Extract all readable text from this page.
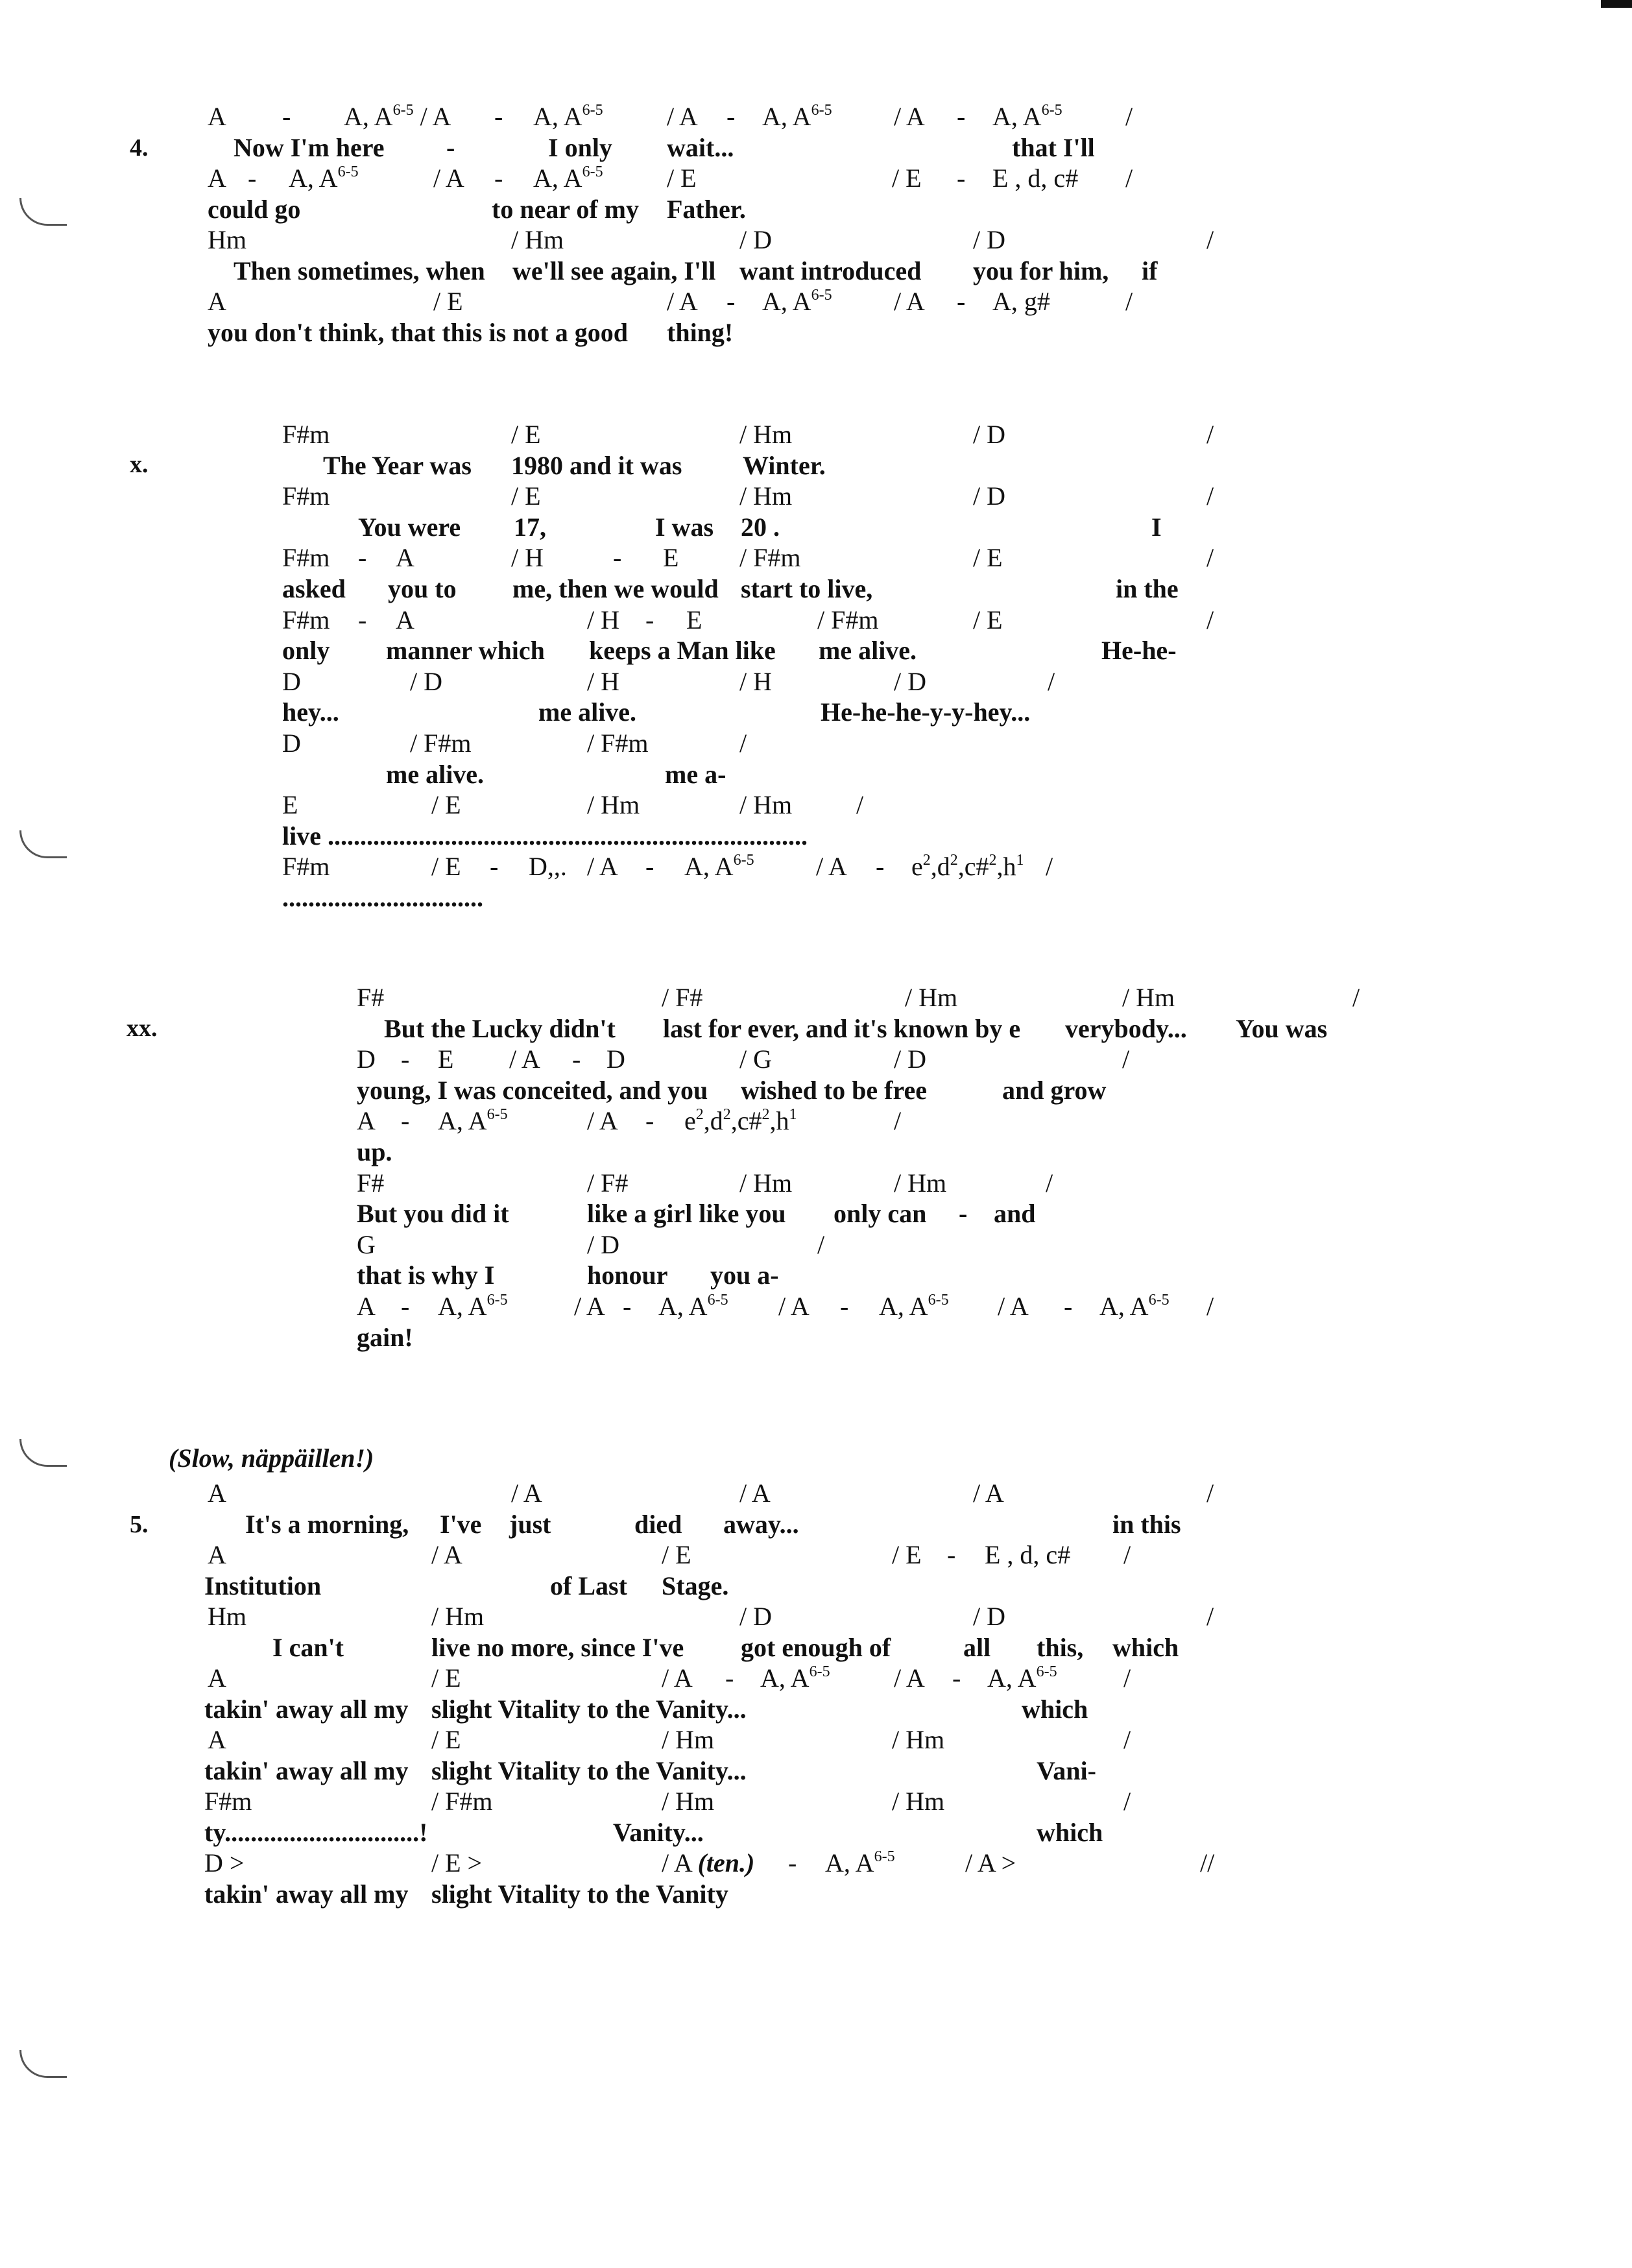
A - A, $A^{6-5}$ / A - A, $A^{6-5}$ / A - A, $A^{6-5}$ / A - A, $A^{6-5}$ /
Now I'm here -	I only wait...	that I'll
A - A, $A^{6-5}$	/ A - A, $A^{6-5}$ / E	/ E - E , d, c# /
could go	to near of my Father.
Hm	/ Hm	/ D	/ D	/
Then sometimes, when we'll see again, I'll want introduced you for him, if
A	/ E	/ A - A, $A^{6-5}$ / A - A, g#	/
you don't think, that this is not a good thing!
F#m	/ E	/ Hm	/ D	/
The Year was 1980 and it was Winter.
F#m	/ E	/ Hm	/ D	/
You were 17,	I was 20 .	I
F#m - A	/ H	- E / F#m	/ E	/
asked you to me, then we would start to live,	in the
F#m - A	/ H - E	/ F#m	/ E	/
only manner which keeps a Man like me alive.	He-he-
D	/ D	/ H	/ H	/ D	/
hey...	me alive.	He-he-he-y-y-hey...
D	/ F#m	/ F#m	/
me alive.	me a-
E	/ E	/ Hm	/ Hm /
live ..........................................................................
F#m	/ E - D,,. / A - A, $A^{6-5}$ / A - $e^2,d^2,c\#^2,h^1$ /
...............................
F#	/ F#	/ Hm	/ Hm	/
But the Lucky didn't last for ever, and it's known by e verybody... You was
D - E / A - D	/ G	/ D	/
young, I was conceited, and you wished to be free	and grow
A - A, $A^{6-5}$	/ A - $e^2,d^2,c\#^2,h^1$	/
up.
F#	/ F#	/ Hm	/ Hm	/
But you did it	like a girl like you only can - and
G	/ D	/
that is why I	honour you a-
A - A, $A^{6-5}$	/ A - A, $A^{6-5}$ / A - A, $A^{6-5}$ / A - A, $A^{6-5}$ /
gain!
A	/ A	/ A	/ A	/
It's a morning, I've just	died away...	in this
A	/ A	/ E	/ E - E , d, c# /
Institution	of Last Stage.
Hm	/ Hm	/ D	/ D	/
I can't	live no more, since I've got enough of	all this, which
A	/ E	/ A - A, $A^{6-5}$ / A - A, $A^{6-5}$	/
takin' away all my slight Vitality to the Vanity...	which
A	/ E	/ Hm	/ Hm	/
takin' away all my slight Vitality to the Vanity...	Vani-
F#m	/ F#m	/ Hm	/ Hm	/
ty..............................!	Vanity...	which
D >	/ E >	/ A (ten.) - A, $A^{6-5}$	/ A >	//
takin' away all my slight Vitality to the Vanity
4.
x.
xx.
5.
(Slow, näppäillen!)
